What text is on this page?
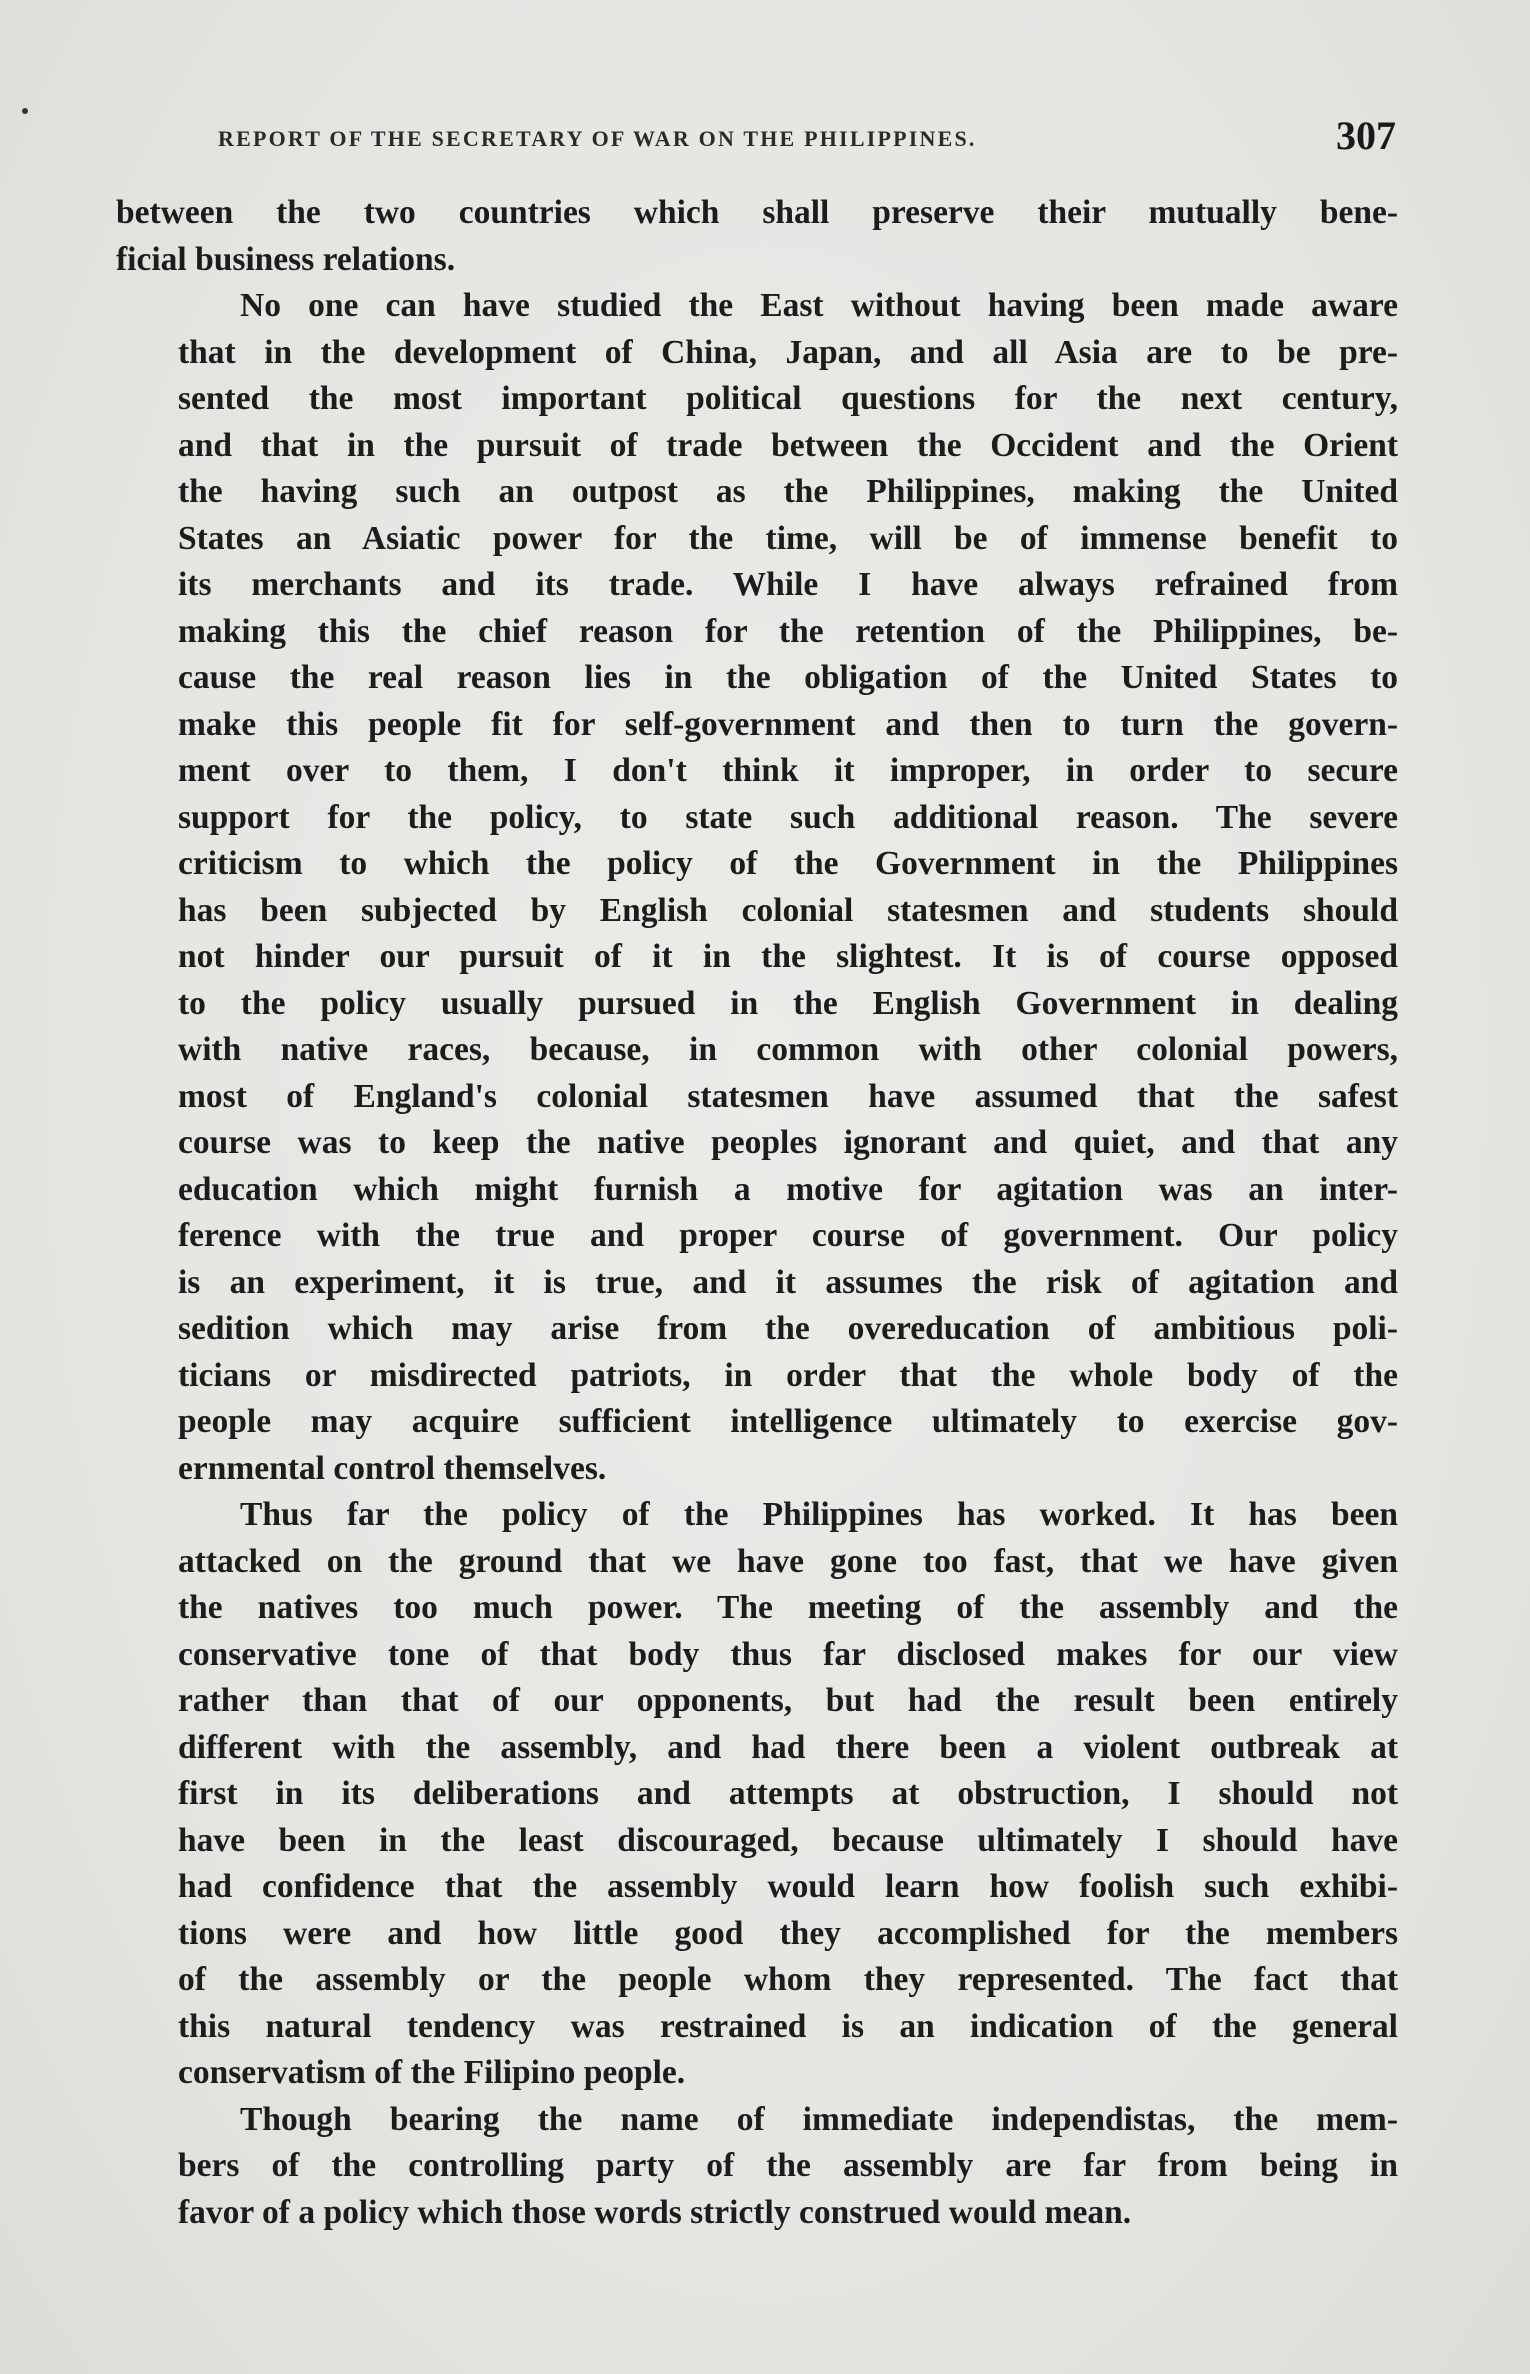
REPORT OF THE SECRETARY OF WAR ON THE PHILIPPINES.	307

between the two countries which shall preserve their mutually bene-
ficial business relations.

No one can have studied the East without having been made aware
that in the development of China, Japan, and all Asia are to be pre-
sented the most important political questions for the next century,
and that in the pursuit of trade between the Occident and the Orient
the having such an outpost as the Philippines, making the United
States an Asiatic power for the time, will be of immense benefit to
its merchants and its trade. While I have always refrained from
making this the chief reason for the retention of the Philippines, be-
cause the real reason lies in the obligation of the United States to
make this people fit for self-government and then to turn the govern-
ment over to them, I don't think it improper, in order to secure
support for the policy, to state such additional reason. The severe
criticism to which the policy of the Government in the Philippines
has been subjected by English colonial statesmen and students should
not hinder our pursuit of it in the slightest. It is of course opposed
to the policy usually pursued in the English Government in dealing
with native races, because, in common with other colonial powers,
most of England's colonial statesmen have assumed that the safest
course was to keep the native peoples ignorant and quiet, and that any
education which might furnish a motive for agitation was an inter-
ference with the true and proper course of government. Our policy
is an experiment, it is true, and it assumes the risk of agitation and
sedition which may arise from the overeducation of ambitious poli-
ticians or misdirected patriots, in order that the whole body of the
people may acquire sufficient intelligence ultimately to exercise gov-
ernmental control themselves.

Thus far the policy of the Philippines has worked. It has been
attacked on the ground that we have gone too fast, that we have given
the natives too much power. The meeting of the assembly and the
conservative tone of that body thus far disclosed makes for our view
rather than that of our opponents, but had the result been entirely
different with the assembly, and had there been a violent outbreak at
first in its deliberations and attempts at obstruction, I should not
have been in the least discouraged, because ultimately I should have
had confidence that the assembly would learn how foolish such exhibi-
tions were and how little good they accomplished for the members
of the assembly or the people whom they represented. The fact that
this natural tendency was restrained is an indication of the general
conservatism of the Filipino people.

Though bearing the name of immediate independistas, the mem-
bers of the controlling party of the assembly are far from being in
favor of a policy which those words strictly construed would mean.
